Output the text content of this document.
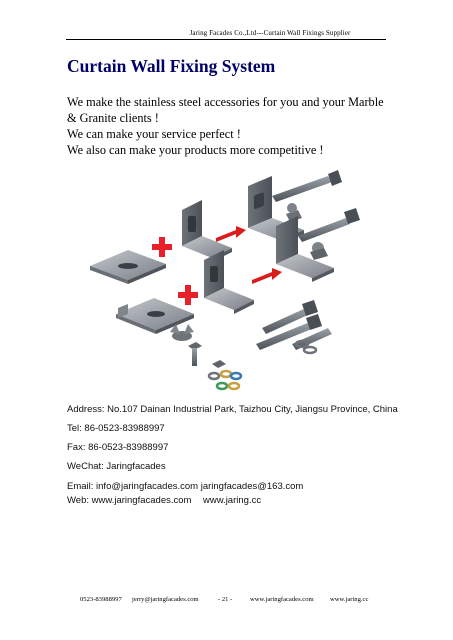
Jaring Facades Co.,Ltd---Curtain Wall Fixings Supplier
Curtain Wall Fixing System
We make the stainless steel accessories for you and your Marble
& Granite clients !
We can make your service perfect !
We also can make your products more competitive !
Address: No.107 Dainan Industrial Park, Taizhou City, Jiangsu Province, China
Tel: 86-0523-83988997
Fax: 86-0523-83988997
WeChat: Jaringfacades
Email: info@jaringfacades.com jaringfacades@163.com
Web: www.jaringfacades.com www.jaring.cc
0523-83988997 jerry@jaringfacades.com	- 21 -	www.jaringfacades.com www.jaring.cc
